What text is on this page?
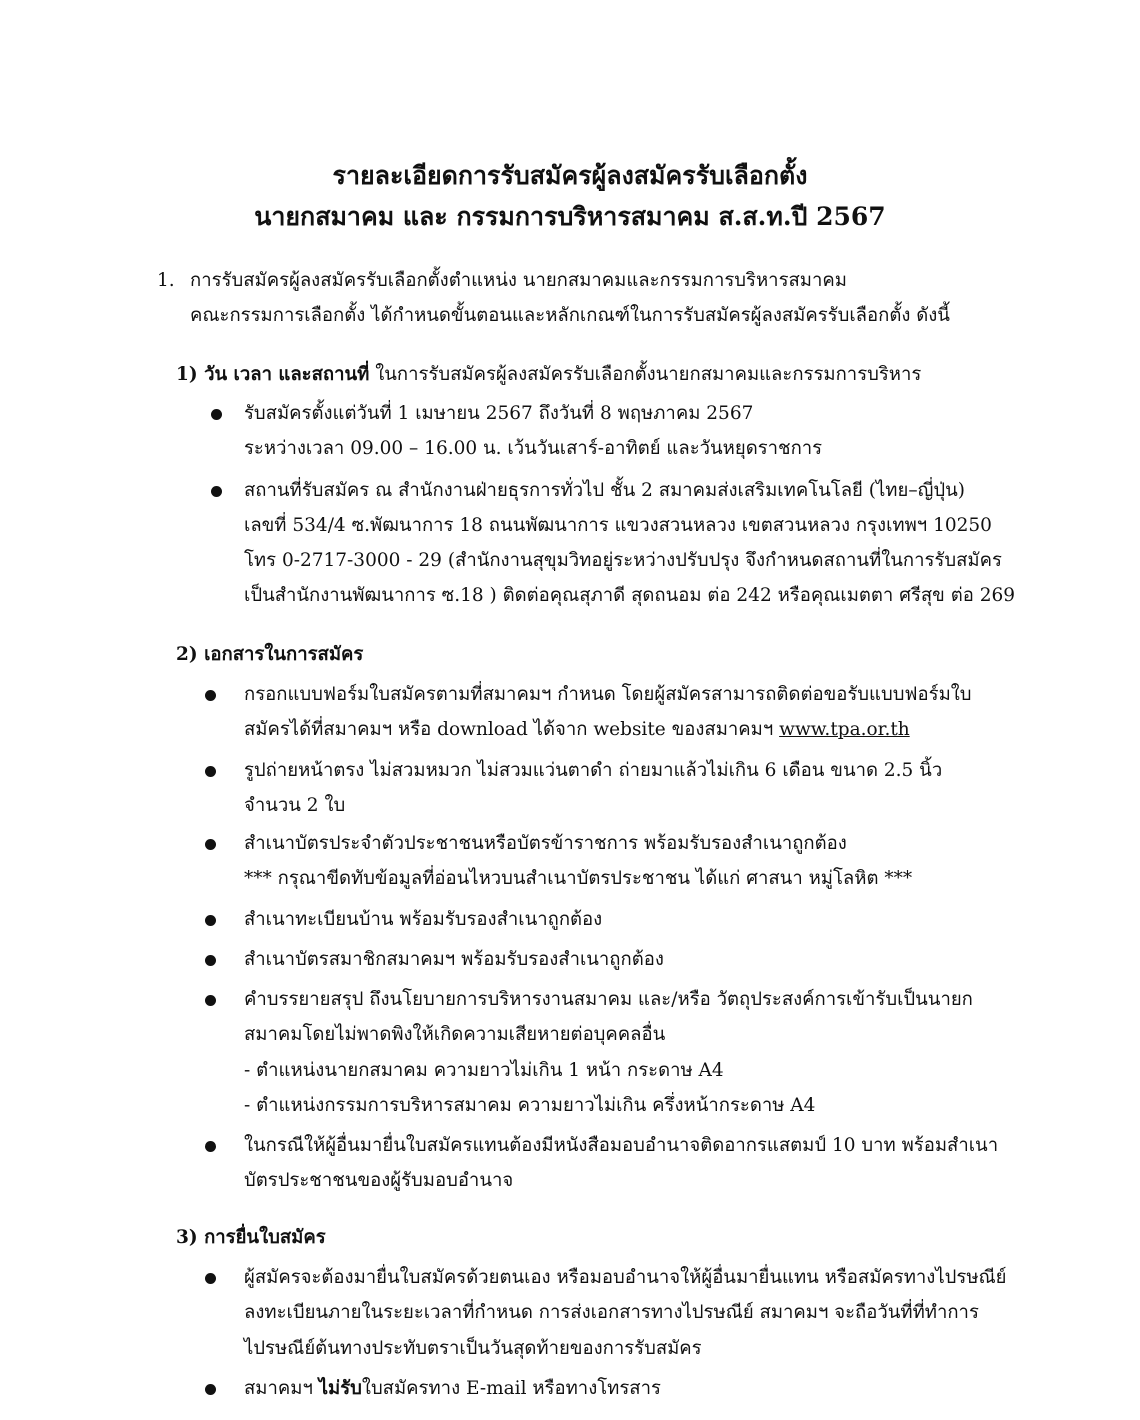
รายละเอียดการรับสมัครผู้ลงสมัครรับเลือกตั้ง
นายกสมาคม และ กรรมการบริหารสมาคม ส.ส.ท.ปี 2567
1. การรับสมัครผู้ลงสมัครรับเลือกตั้งตำแหน่ง นายกสมาคมและกรรมการบริหารสมาคม
คณะกรรมการเลือกตั้ง ได้กำหนดขั้นตอนและหลักเกณฑ์ในการรับสมัครผู้ลงสมัครรับเลือกตั้ง ดังนี้
1) วัน เวลา และสถานที่ ในการรับสมัครผู้ลงสมัครรับเลือกตั้งนายกสมาคมและกรรมการบริหาร
รับสมัครตั้งแต่วันที่ 1 เมษายน 2567 ถึงวันที่ 8 พฤษภาคม 2567
ระหว่างเวลา 09.00 – 16.00 น. เว้นวันเสาร์-อาทิตย์ และวันหยุดราชการ
สถานที่รับสมัคร ณ สำนักงานฝ่ายธุรการทั่วไป ชั้น 2 สมาคมส่งเสริมเทคโนโลยี (ไทย–ญี่ปุ่น)
เลขที่ 534/4 ซ.พัฒนาการ 18 ถนนพัฒนาการ แขวงสวนหลวง เขตสวนหลวง กรุงเทพฯ 10250
โทร 0-2717-3000 - 29 (สำนักงานสุขุมวิทอยู่ระหว่างปรับปรุง จึงกำหนดสถานที่ในการรับสมัคร
เป็นสำนักงานพัฒนาการ ซ.18 ) ติดต่อคุณสุภาดี สุดถนอม ต่อ 242 หรือคุณเมตตา ศรีสุข ต่อ 269
2) เอกสารในการสมัคร
กรอกแบบฟอร์มใบสมัครตามที่สมาคมฯ กำหนด โดยผู้สมัครสามารถติดต่อขอรับแบบฟอร์มใบ
สมัครได้ที่สมาคมฯ หรือ download ได้จาก website ของสมาคมฯ www.tpa.or.th
รูปถ่ายหน้าตรง ไม่สวมหมวก ไม่สวมแว่นตาดำ ถ่ายมาแล้วไม่เกิน 6 เดือน ขนาด 2.5 นิ้ว
จำนวน 2 ใบ
สำเนาบัตรประจำตัวประชาชนหรือบัตรข้าราชการ พร้อมรับรองสำเนาถูกต้อง
*** กรุณาขีดทับข้อมูลที่อ่อนไหวบนสำเนาบัตรประชาชน ได้แก่ ศาสนา หมู่โลหิต ***
สำเนาทะเบียนบ้าน พร้อมรับรองสำเนาถูกต้อง
สำเนาบัตรสมาชิกสมาคมฯ พร้อมรับรองสำเนาถูกต้อง
คำบรรยายสรุป ถึงนโยบายการบริหารงานสมาคม และ/หรือ วัตถุประสงค์การเข้ารับเป็นนายก
สมาคมโดยไม่พาดพิงให้เกิดความเสียหายต่อบุคคลอื่น
- ตำแหน่งนายกสมาคม ความยาวไม่เกิน 1 หน้า กระดาษ A4
- ตำแหน่งกรรมการบริหารสมาคม ความยาวไม่เกิน ครึ่งหน้ากระดาษ A4
ในกรณีให้ผู้อื่นมายื่นใบสมัครแทนต้องมีหนังสือมอบอำนาจติดอากรแสตมป์ 10 บาท พร้อมสำเนา
บัตรประชาชนของผู้รับมอบอำนาจ
3) การยื่นใบสมัคร
ผู้สมัครจะต้องมายื่นใบสมัครด้วยตนเอง หรือมอบอำนาจให้ผู้อื่นมายื่นแทน หรือสมัครทางไปรษณีย์
ลงทะเบียนภายในระยะเวลาที่กำหนด การส่งเอกสารทางไปรษณีย์ สมาคมฯ จะถือวันที่ที่ทำการ
ไปรษณีย์ต้นทางประทับตราเป็นวันสุดท้ายของการรับสมัคร
สมาคมฯ ไม่รับใบสมัครทาง E-mail หรือทางโทรสาร
